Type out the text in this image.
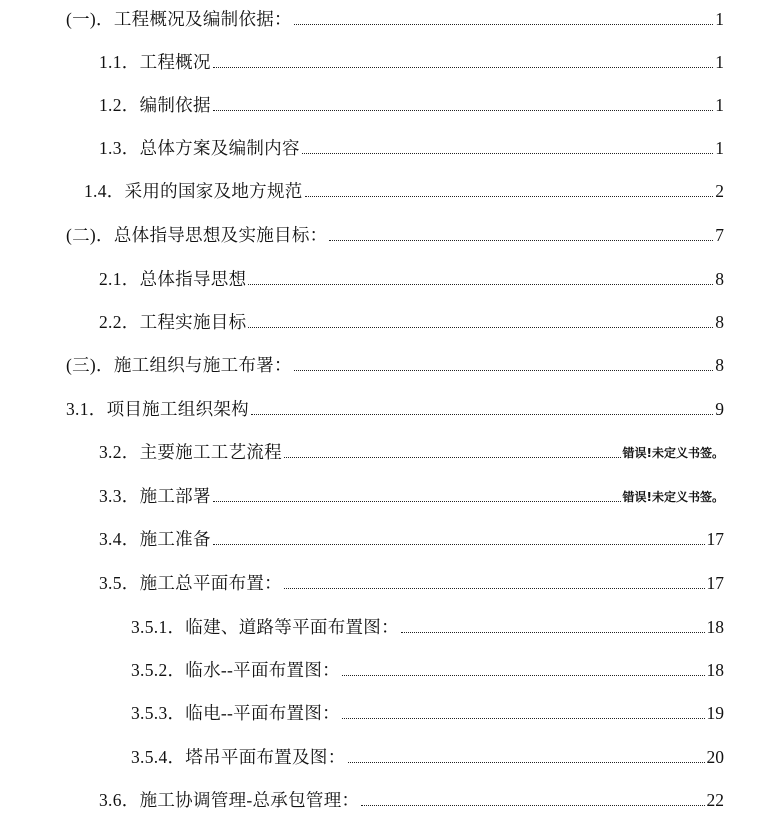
(一)．工程概况及编制依据：	1
1.1．工程概况	1
1.2．编制依据	1
1.3．总体方案及编制内容	1
1.4．采用的国家及地方规范	2
(二)．总体指导思想及实施目标：	7
2.1．总体指导思想	8
2.2．工程实施目标	8
(三)．施工组织与施工布署：	8
3.1．项目施工组织架构	9
3.2．主要施工工艺流程	错误!未定义书签。
3.3．施工部署	错误!未定义书签。
3.4．施工准备	17
3.5．施工总平面布置：	17
3.5.1．临建、道路等平面布置图：	18
3.5.2．临水--平面布置图：	18
3.5.3．临电--平面布置图：	19
3.5.4．塔吊平面布置及图：	20
3.6．施工协调管理-总承包管理：	22
